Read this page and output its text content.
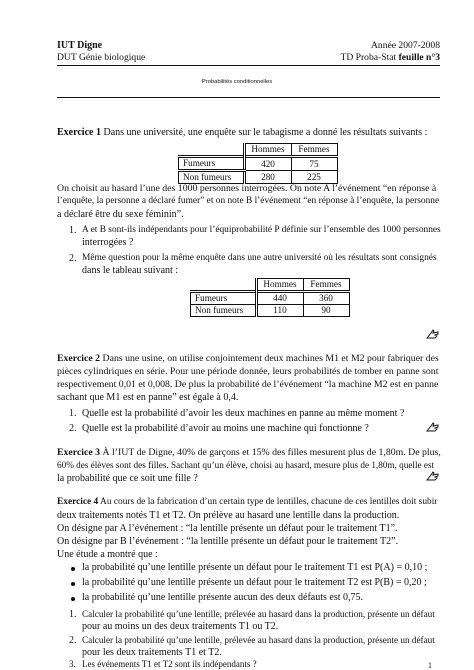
IUT Digne	Année 2007-2008
DUT Génie biologique	TD Proba-Stat feuille n°3
Probabilités conditionnelles
Exercice 1 Dans une université, une enquête sur le tabagisme a donné les résultats suivants :
	Hommes	Femmes
Fumeurs	420	75
Non fumeurs	280	225
On choisit au hasard l’une des 1000 personnes interrogées. On note A l’événement “en réponse à
l’enquête, la personne a déclaré fumer” et on note B l’événement “en réponse à l’enquête, la personne
a déclaré être du sexe féminin”.
1. A et B sont-ils indépendants pour l’équiprobabilité P définie sur l’ensemble des 1000 personnes
interrogées ?
2. Même question pour la même enquête dans une autre université où les résultats sont consignés
dans le tableau suivant :
	Hommes	Femmes
Fumeurs	440	360
Non fumeurs	110	90
Exercice 2 Dans une usine, on utilise conjointement deux machines M1 et M2 pour fabriquer des
pièces cylindriques en série. Pour une période donnée, leurs probabilités de tomber en panne sont
respectivement 0,01 et 0,008. De plus la probabilité de l’événement “la machine M2 est en panne
sachant que M1 est en panne” est égale à 0,4.
1. Quelle est la probabilité d’avoir les deux machines en panne au même moment ?
2. Quelle est la probabilité d’avoir au moins une machine qui fonctionne ?
Exercice 3 À l’IUT de Digne, 40% de garçons et 15% des filles mesurent plus de 1,80m. De plus,
60% des élèves sont des filles. Sachant qu’un élève, choisi au hasard, mesure plus de 1,80m, quelle est
la probabilité que ce soit une fille ?
Exercice 4 Au cours de la fabrication d’un certain type de lentilles, chacune de ces lentilles doit subir
deux traitements notés T1 et T2. On prélève au hasard une lentille dans la production.
On désigne par A l’événement : “la lentille présente un défaut pour le traitement T1”.
On désigne par B l’événement : “la lentille présente un défaut pour le traitement T2”.
Une étude a montré que :
la probabilité qu’une lentille présente un défaut pour le traitement T1 est P(A) = 0,10 ;
la probabilité qu’une lentille présente un défaut pour le traitement T2 est P(B) = 0,20 ;
la probabilité qu’une lentille présente aucun des deux défauts est 0,75.
1. Calculer la probabilité qu’une lentille, prélevée au hasard dans la production, présente un défaut
pour au moins un des deux traitements T1 ou T2.
2. Calculer la probabilité qu’une lentille, prélevée au hasard dans la production, présente un défaut
pour les deux traitements T1 et T2.
3. Les événements T1 et T2 sont ils indépendants ?	1
